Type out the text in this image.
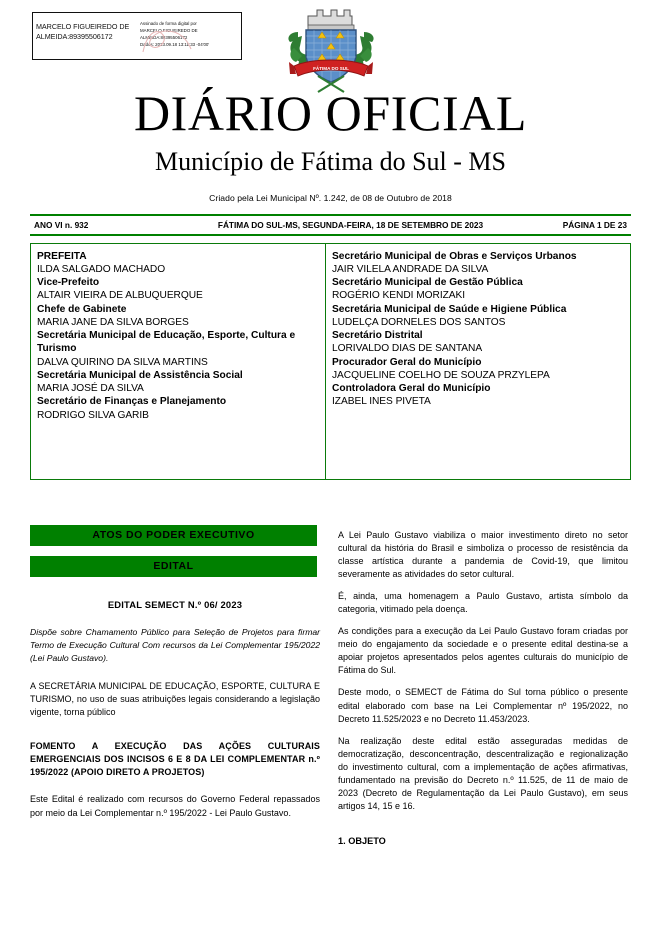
MARCELO FIGUEIREDO DE
ALMEIDA:89395506172
Assinado de forma digital por
MARCELO FIGUEIREDO DE
ALMEIDA:89395506172
Dados: 2023.09.18 13:11:33 -04'00'
FÁTIMA DO SUL
DIÁRIO OFICIAL
Município de Fátima do Sul - MS
Criado pela Lei Municipal Nº. 1.242, de 08 de Outubro de 2018
ANO VI n. 932	FÁTIMA DO SUL-MS, SEGUNDA-FEIRA, 18 DE SETEMBRO DE 2023	PÁGINA 1 DE 23
PREFEITA
ILDA SALGADO MACHADO
Vice-Prefeito
ALTAIR VIEIRA DE ALBUQUERQUE
Chefe de Gabinete
MARIA JANE DA SILVA BORGES
Secretária Municipal de Educação, Esporte, Cultura e Turismo
DALVA QUIRINO DA SILVA MARTINS
Secretária Municipal de Assistência Social
MARIA JOSÉ DA SILVA
Secretário de Finanças e Planejamento
RODRIGO SILVA GARIB
Secretário Municipal de Obras e Serviços Urbanos
JAIR VILELA ANDRADE DA SILVA
Secretário Municipal de Gestão Pública
ROGÉRIO KENDI MORIZAKI
Secretária Municipal de Saúde e Higiene Pública
LUDELÇA DORNELES DOS SANTOS
Secretário Distrital
LORIVALDO DIAS DE SANTANA
Procurador Geral do Município
JACQUELINE COELHO DE SOUZA PRZYLEPA
Controladora Geral do Município
IZABEL INES PIVETA
ATOS DO PODER EXECUTIVO
EDITAL
EDITAL SEMECT N.º 06/ 2023

Dispõe sobre Chamamento Público para Seleção de Projetos para firmar Termo de Execução Cultural Com recursos da Lei Complementar 195/2022 (Lei Paulo Gustavo).

A SECRETÁRIA MUNICIPAL DE EDUCAÇÃO, ESPORTE, CULTURA E TURISMO, no uso de suas atribuições legais considerando a legislação vigente, torna público

FOMENTO A EXECUÇÃO DAS AÇÕES CULTURAIS EMERGENCIAIS DOS INCISOS 6 E 8 DA LEI COMPLEMENTAR n.º 195/2022 (APOIO DIRETO A PROJETOS)

Este Edital é realizado com recursos do Governo Federal repassados por meio da Lei Complementar n.º 195/2022 - Lei Paulo Gustavo.

A Lei Paulo Gustavo viabiliza o maior investimento direto no setor cultural da história do Brasil e simboliza o processo de resistência da classe artística durante a pandemia de Covid-19, que limitou severamente as atividades do setor cultural.

É, ainda, uma homenagem a Paulo Gustavo, artista símbolo da categoria, vitimado pela doença.

As condições para a execução da Lei Paulo Gustavo foram criadas por meio do engajamento da sociedade e o presente edital destina-se a apoiar projetos apresentados pelos agentes culturais do município de Fátima do Sul.

Deste modo, o SEMECT de Fátima do Sul torna público o presente edital elaborado com base na Lei Complementar nº 195/2022, no Decreto 11.525/2023 e no Decreto 11.453/2023.

Na realização deste edital estão asseguradas medidas de democratização, desconcentração, descentralização e regionalização do investimento cultural, com a implementação de ações afirmativas, fundamentado na previsão do Decreto n.º 11.525, de 11 de maio de 2023 (Decreto de Regulamentação da Lei Paulo Gustavo), em seus artigos 14, 15 e 16.

1. OBJETO
